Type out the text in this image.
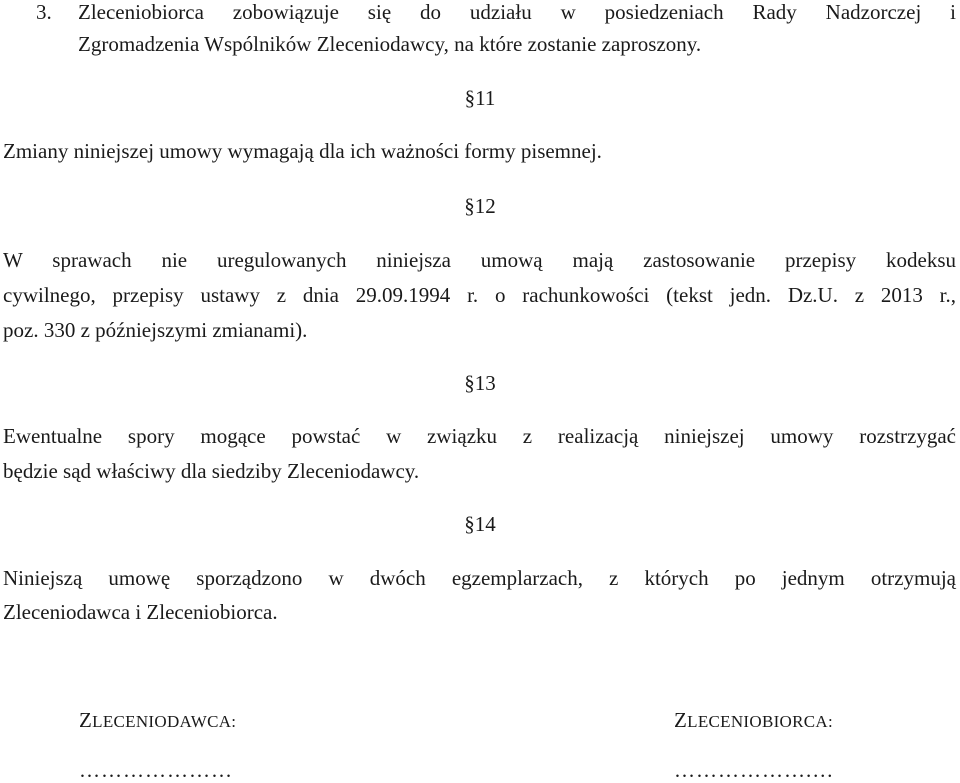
3. Zleceniobiorca zobowiązuje się do udziału w posiedzeniach Rady Nadzorczej i
Zgromadzenia Wspólników Zleceniodawcy, na które zostanie zaproszony.
§11
Zmiany niniejszej umowy wymagają dla ich ważności formy pisemnej.
§12
W sprawach nie uregulowanych niniejsza umową mają zastosowanie przepisy kodeksu
cywilnego, przepisy ustawy z dnia 29.09.1994 r. o rachunkowości (tekst jedn. Dz.U. z 2013 r.,
poz. 330 z późniejszymi zmianami).
§13
Ewentualne spory mogące powstać w związku z realizacją niniejszej umowy rozstrzygać
będzie sąd właściwy dla siedziby Zleceniodawcy.
§14
Niniejszą umowę sporządzono w dwóch egzemplarzach, z których po jednym otrzymują
Zleceniodawca i Zleceniobiorca.
ZLECENIODAWCA:
…………………
ZLECENIOBIORCA:
……………….…
